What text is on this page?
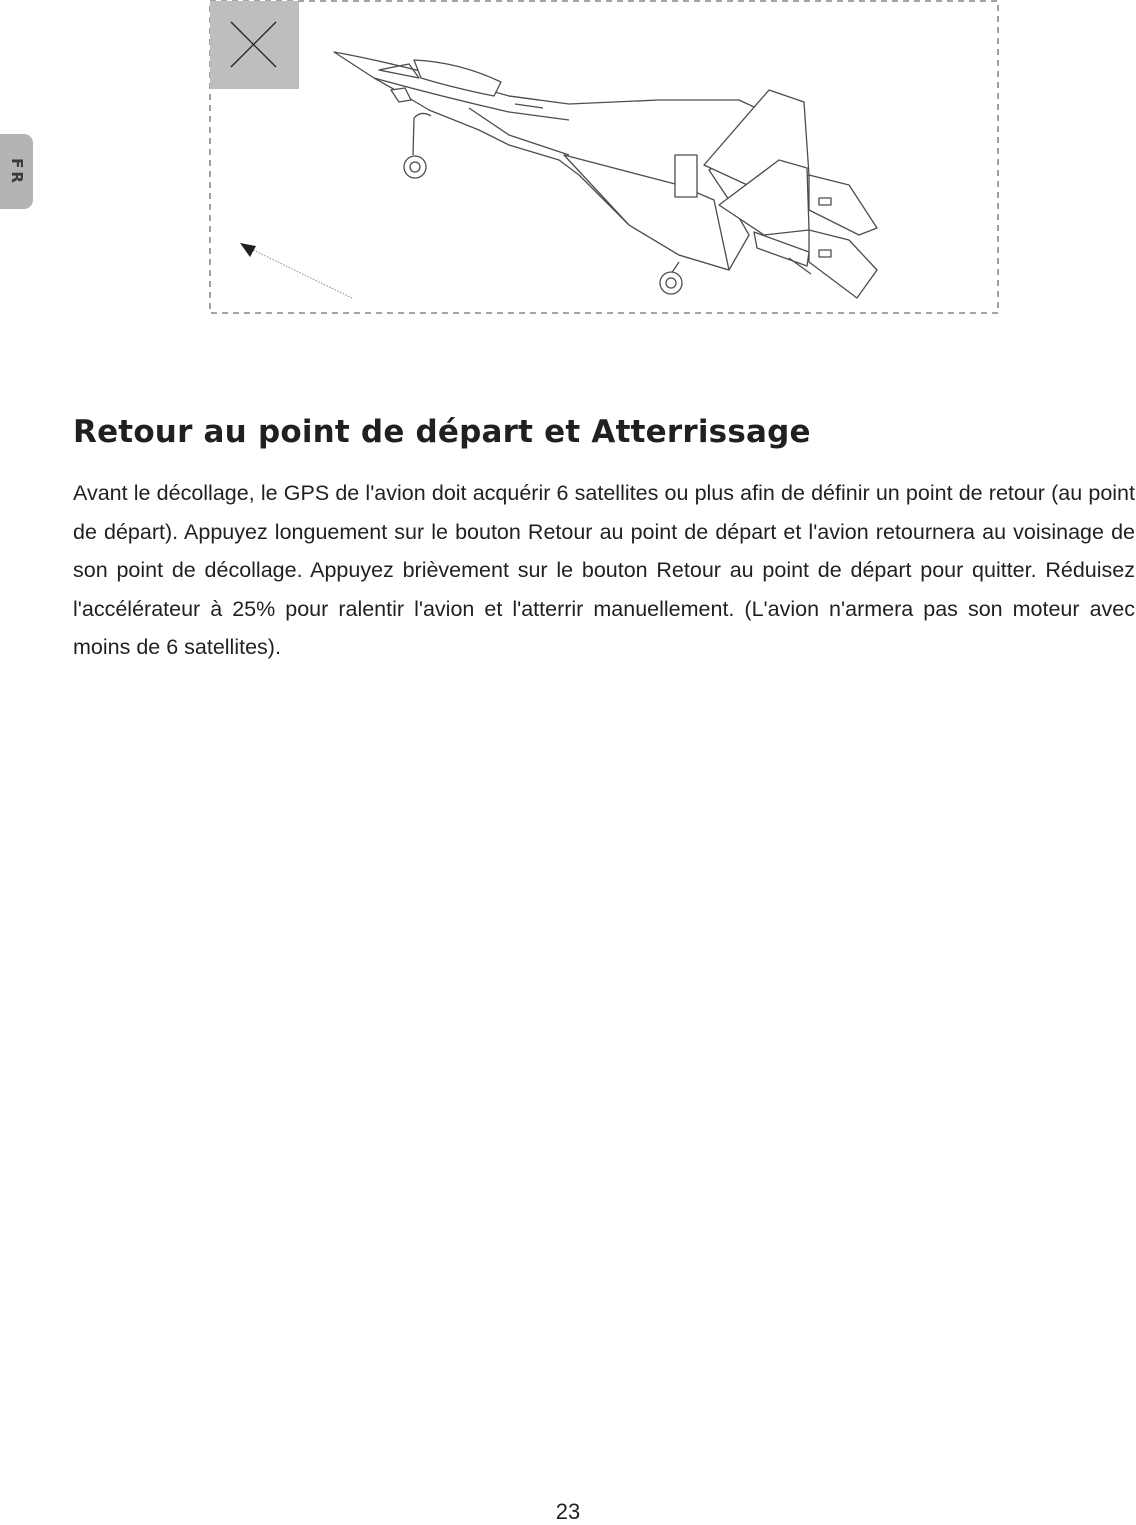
FR
Retour au point de départ et Atterrissage

Avant le décollage, le GPS de l'avion doit acquérir 6 satellites ou plus afin de définir un point de retour (au point de départ). Appuyez longuement sur le bouton Retour au point de départ et l'avion retournera au voisinage de son point de décollage. Appuyez brièvement sur le bouton Retour au point de départ pour quitter. Réduisez l'accélérateur à 25% pour ralentir l'avion et l'atterrir manuellement. (L'avion n'armera pas son moteur avec moins de 6 satellites).

23
